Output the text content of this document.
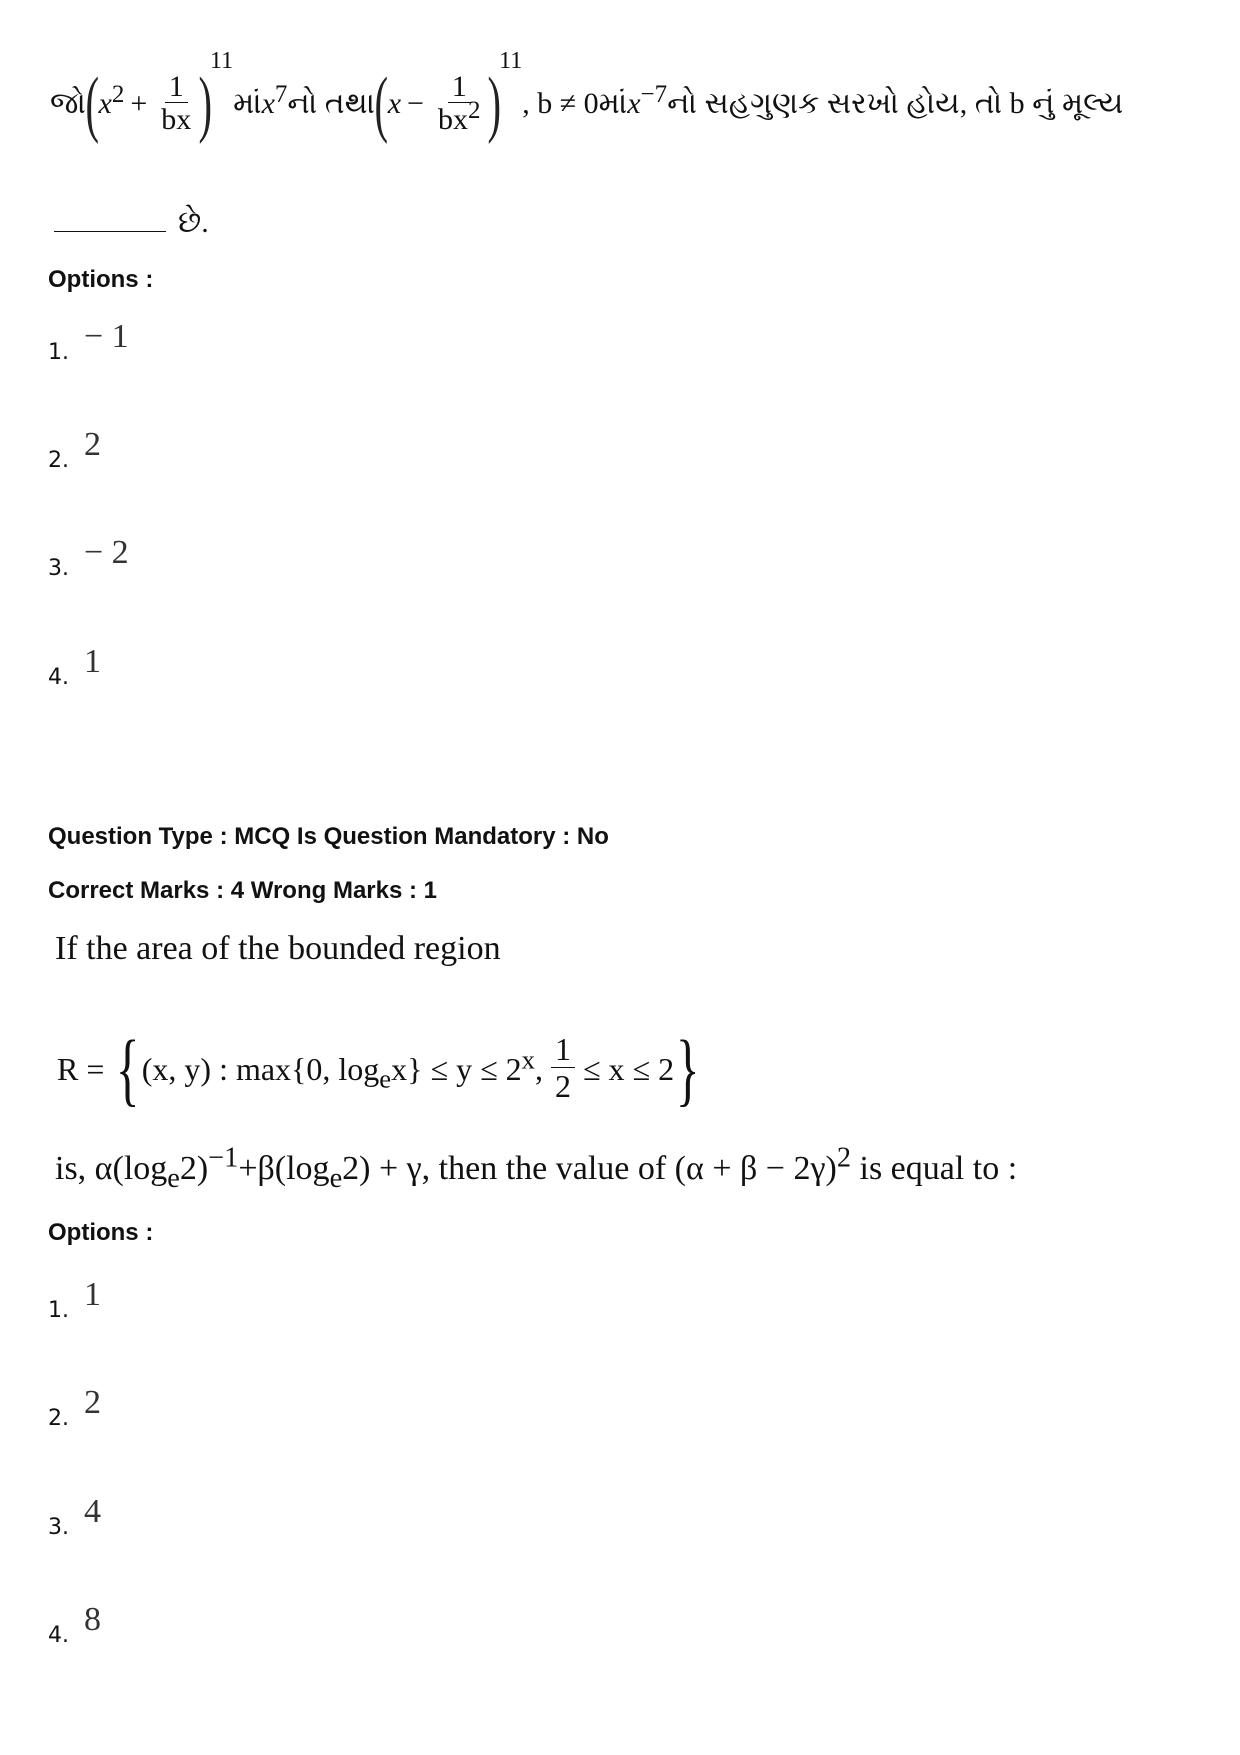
જો ( $x^2 + \frac{1}{bx}$ )
11
માં $x^7$ નો તથા ( $x - \frac{1}{bx^2}$ )
11
, b ≠ 0 માં $x^{-7}$ નો સહગુણક સરખો હોય, તો b નું મૂલ્ય
છે.
Options :
1. − 1
2. 2
3. − 2
4. 1
Question Type : MCQ Is Question Mandatory : No
Correct Marks : 4 Wrong Marks : 1
If the area of the bounded region
R = { (x, y) : max{0, $\log_ex\} \le y \le 2^x$, $\frac{1}{2} \le x \le 2$ }
is, $\alpha(\log_e2)^{-1}+\beta(\log_e2) + \gamma$, then the value of $(\alpha + \beta - 2\gamma)^2$ is equal to :
Options :
1. 1
2. 2
3. 4
4. 8
